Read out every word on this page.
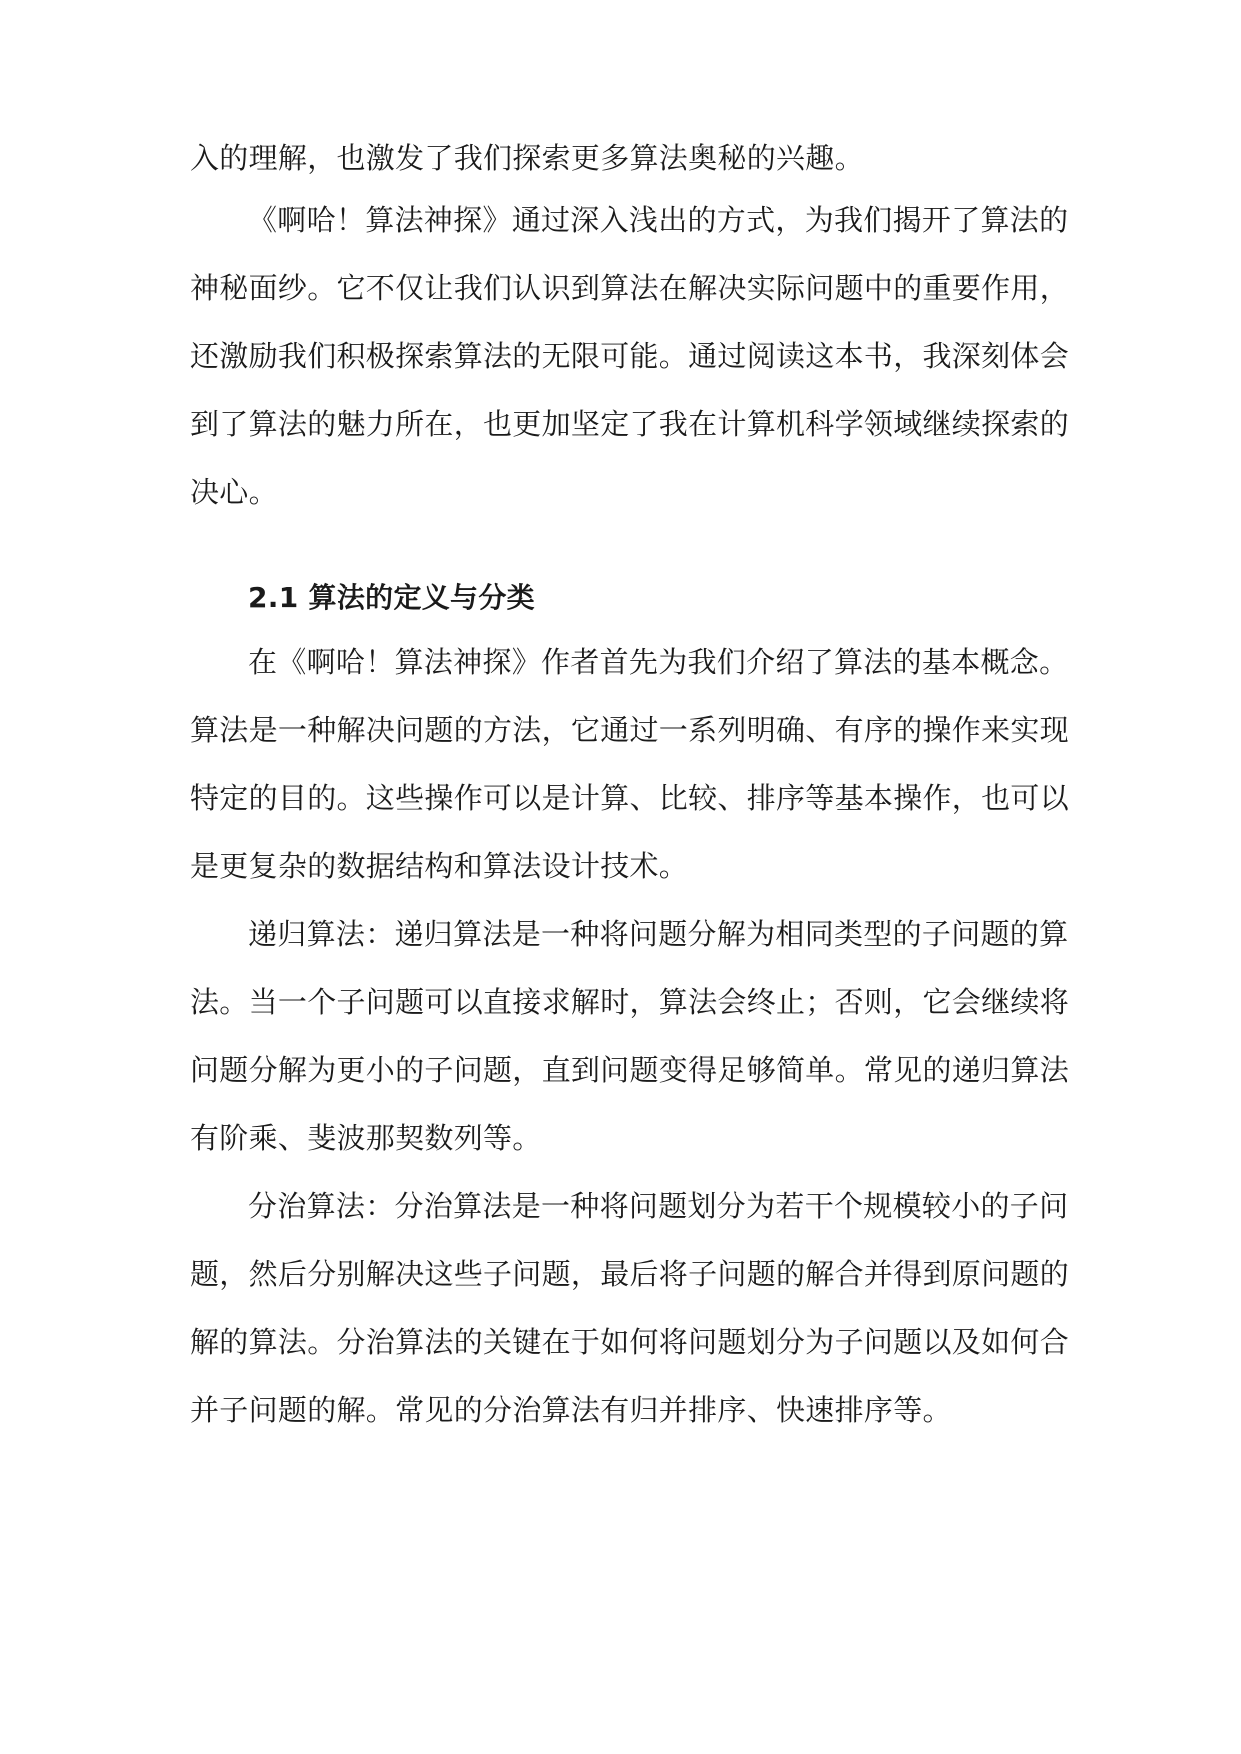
入的理解，也激发了我们探索更多算法奥秘的兴趣。
《啊哈！算法神探》通过深入浅出的方式，为我们揭开了算法的
神秘面纱。它不仅让我们认识到算法在解决实际问题中的重要作用，
还激励我们积极探索算法的无限可能。通过阅读这本书，我深刻体会
到了算法的魅力所在，也更加坚定了我在计算机科学领域继续探索的
决心。
2.1 算法的定义与分类
在《啊哈！算法神探》作者首先为我们介绍了算法的基本概念。
算法是一种解决问题的方法，它通过一系列明确、有序的操作来实现
特定的目的。这些操作可以是计算、比较、排序等基本操作，也可以
是更复杂的数据结构和算法设计技术。
递归算法：递归算法是一种将问题分解为相同类型的子问题的算
法。当一个子问题可以直接求解时，算法会终止；否则，它会继续将
问题分解为更小的子问题，直到问题变得足够简单。常见的递归算法
有阶乘、斐波那契数列等。
分治算法：分治算法是一种将问题划分为若干个规模较小的子问
题，然后分别解决这些子问题，最后将子问题的解合并得到原问题的
解的算法。分治算法的关键在于如何将问题划分为子问题以及如何合
并子问题的解。常见的分治算法有归并排序、快速排序等。
